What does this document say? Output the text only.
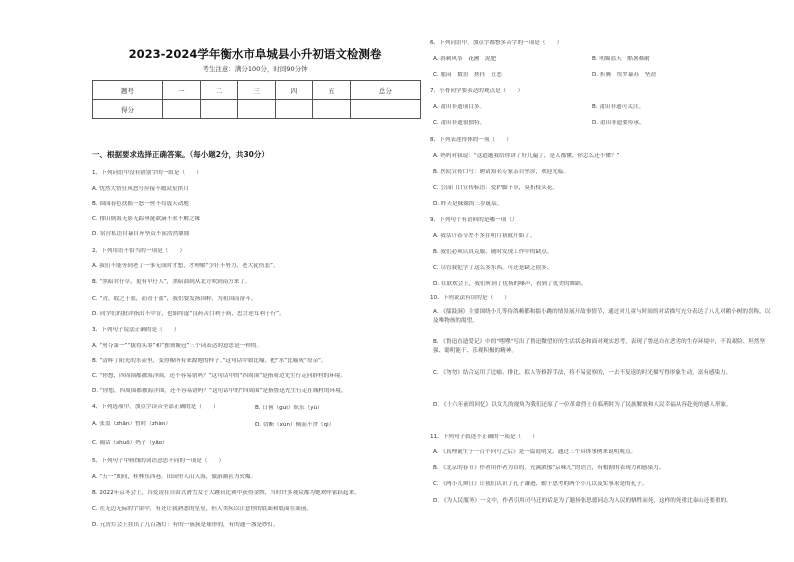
2023-2024学年衡水市阜城县小升初语文检测卷
考生注意：满分100分，时间90分钟
题号	一	二	三	四	五	总分
得分						
一、根据要求选择正确答案。（每小题2分，共30分）
1、下列词语中没有错别字的一组是（　　）
A. 忧然大悟狂风怒号应接不暇众星拱月
B. 围园春色扶摇一怒一丝不苟震天动地
C. 排山倒海无影无踪垂涎欲滴不求不解之缘
D. 宿营私语自暴自弃坚贞不屈浩然鼎鼎
2、下列用语不恰当的一项是（　　）
A. 我们不能等到老了一事无成时才想，才理解“少壮不努力，老大徒伤悲”。
B. “黑暗君仔草，更有早仔人”，黑暗油到从北方吹到南方来了。
C. “青，取之于蓝，而青于蓝”，我们要发扬国粹，为祖国而奋斗。
D. 同学们的批评指出不中肯，也始终虚“良药苦口利于病，忠言逆耳利于行”。
3、下列句子说法正确的是（　　）
A. “勇夺第一”“拔得头筹”和“独领鳌冠”三个词表达的意思是一样的。
B. “清晖了阳光的水壶里，变得像所有来源地的样子。”这句话中如比喻，把“水”比喻成“母亲”。
C. “你想，四周围都被海洋围，还不容易错吗？”这句话中的“四周围”是指周边光生行走向群村的环境。
D. “你想，四周围都被海洋围，还不容易错吗？”这句话中的“四周围”是指鲁迅先生行走在城村的环境。
4、下列选项中，加点字读音全部正确的是（　　）
A. 张盖（zhǎn）暂时（zhàn）
C. 阔话（shuō）妈子（yāo）
5、下列句子中画线的词语意思不同的一项是（　　）
A. “五一”期间，桂林东西巷，田园里人山人海，旅游潮甚为火爆。
B. 2022年京冬会上，谷爱凌在自由式滑雪女子大跳台比赛中获得金牌，当时许多观众都为她欢呼雀跃起来。
C. 在无边无际的宇宙中，有还让我熟悉的星星，但人类疾以注意你的底面和底面在面前。
D. 元宵灯会上挂出了几百盏灯：有的一簇簇是球形的，有的通一盏是纱灯。
B. 日晷（guì）妖乐（yù）
D. 切断（xùn）倾而不舍（qì）
6、下列词语中，加点字都整多音字的一项是（　　）
A. 斜刺风筝　花圃　泥肥	B. 明媚蓝天　酷暑难耐
C. 胀闷　数语　挟挂　丑恶	D. 折腾　埃罗暴苏　坚劲
7、小骨同学要表达的观点是（　　）
A. 莆田非遗项目多。	B. 莆田非遗可关注。
C. 莆田非遗很独特。	D. 莆田非遗要传承。
8、下列表述得体的一项（　　）
A. 妈妈对我说：“这道题我给你讲了好几遍了，是人都懂，你怎么还不懂？”
B. 医院宣传口号：聘请知名专家亲自坐诊，欢迎光临。
C. 公园门口宣传标语：爱护脚下草，莫折枝头花。
D. 昨天是妹妹的三岁诞辰。
9、下列句子有语病的是哪一项（）
A. 我估计春节差不多在明月初就开始了。
B. 我们必须认真克服、随时发现工作中的缺点。
C. 尽管我犯学了这么多东西，可还是缺乏很多。
D. 在联欢会上，我们听到了优扬的嗓声，看到了优美的舞蹈。
10、下列说法有误的是（　　）
A. 《擂鼓洞》主要围绕小儿等待鸽赖都和擂小跳的情景展开故事情节，通过对儿童与时间的对话描写充分表达了八儿对鹅小树的喜称，以及唯物孩的渴望。
B. 《鲁迅直遗爱记》中的“嘿嘿”写出了鲁迅微望好的生活状态和面对观实思考，表现了鲁迅自在恶劣的生存环境中，不畏艰险、坦然坚强、聪明能干、乐观积极的精神。
C. 《勿勿》结合运用了比喻、排比、拟人等修辞手法，将不易觉察的，一去不复返的时光描写得形象生动，富有感染力。
D. 《十六年前的回忆》以女儿的视角为我们还原了一位革命烈士在临刑时为了民族解放和人民幸福从容赴死的感人形象。
11、下列句子叙述不正确的一项是（　　）
A. 《真理诞生于一百个问号之后》是一篇说明文，通过三个具体事例来说明观点。
B. 《北京的春节》作者用作者为首的，充满浓郁“京味儿”的语言，有根据的表现力和感染力。
C. 《两小儿辩日》让我们认识了孔子谦逊、勤于思考的两个小儿以及实事求是的孔子。
D. 《为人民服务》一文中，作者引用司马迁的话是为了题扬张思德同志为人民的牺牲而死，这样的死重比泰山还要重的。
